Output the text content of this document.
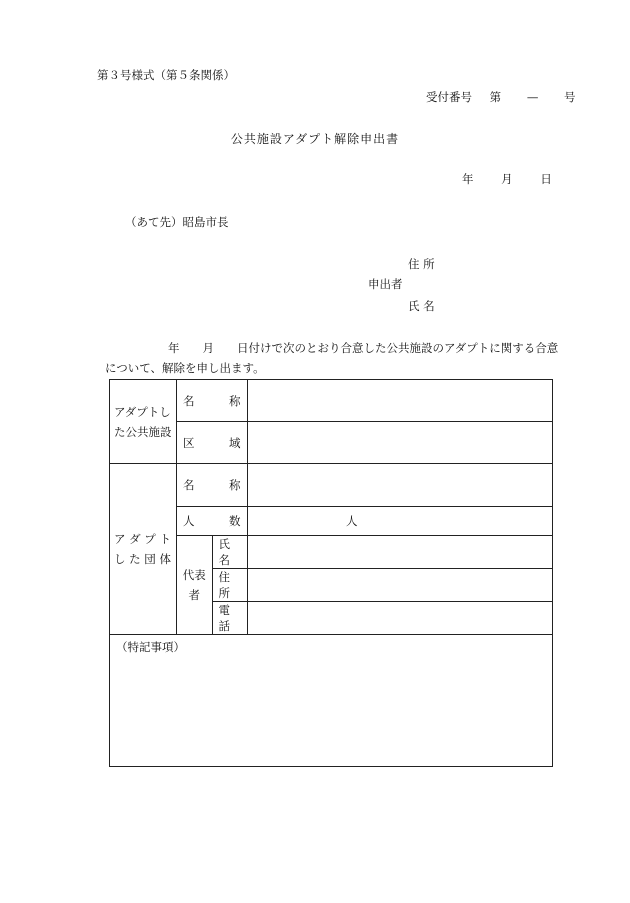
第３号様式（第５条関係）
受付番号 第 — 号
公共施設アダプト解除申出書
年 月 日
（あて先）昭島市長
住 所
申出者
氏 名
年　　月　　日付けで次のとおり合意した公共施設のアダプトに関する合意
について、解除を申し出ます。
アダプトした公共施設	名　　　称		
	区　　　域		
ア ダ プ ト し た 団 体	名　　　称		
	人　　　数		人
	代表者	氏 名	
		住 所	
		電 話	
（特記事項）			
